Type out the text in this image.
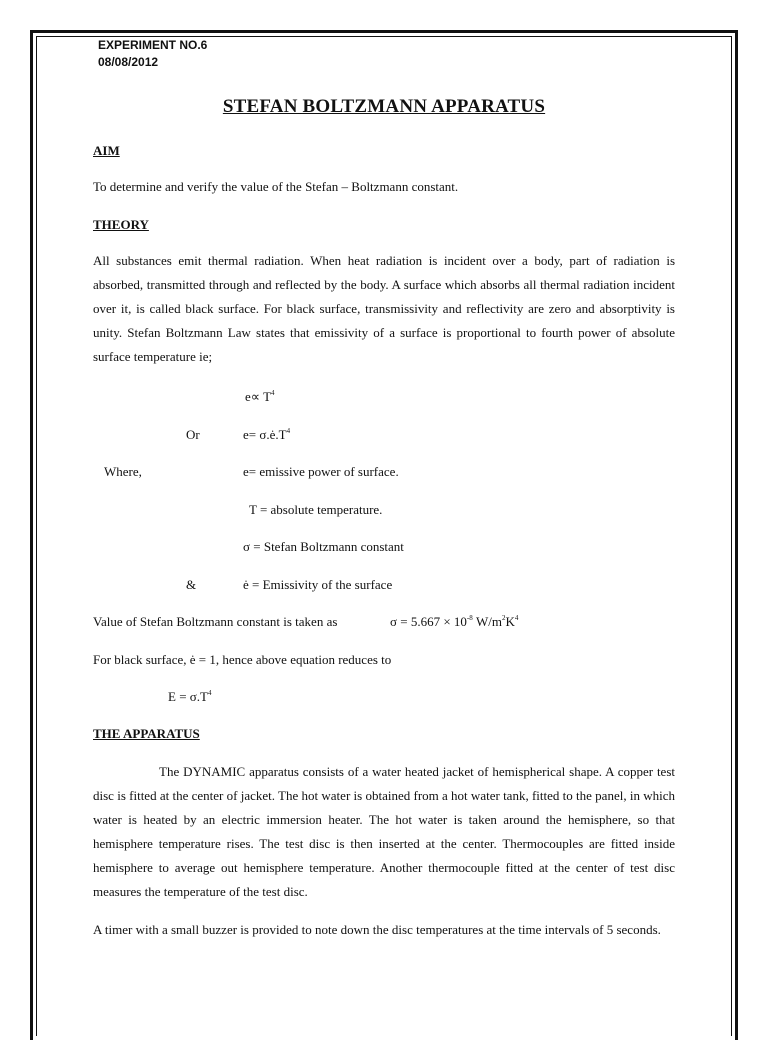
EXPERIMENT NO.6
08/08/2012
STEFAN BOLTZMANN APPARATUS
AIM
To determine and verify the value of the Stefan – Boltzmann constant.
THEORY
All substances emit thermal radiation. When heat radiation is incident over a body, part of radiation is absorbed, transmitted through and reflected by the body. A surface which absorbs all thermal radiation incident over it, is called black surface. For black surface, transmissivity and reflectivity are zero and absorptivity is unity. Stefan Boltzmann Law states that emissivity of a surface is proportional to fourth power of absolute surface temperature ie;
$e\propto T^4$
Or	$e= \sigma.ė.T^4$
Where,	e= emissive power of surface.
T = absolute temperature.
σ = Stefan Boltzmann constant
&	ė = Emissivity of the surface
Value of Stefan Boltzmann constant is taken as	$\sigma = 5.667 \times 10^{-8}$ $W/m^2K^4$
For black surface, ė = 1, hence above equation reduces to
$E = \sigma.T^4$
THE APPARATUS
The DYNAMIC apparatus consists of a water heated jacket of hemispherical shape. A copper test disc is fitted at the center of jacket. The hot water is obtained from a hot water tank, fitted to the panel, in which water is heated by an electric immersion heater. The hot water is taken around the hemisphere, so that hemisphere temperature rises. The test disc is then inserted at the center. Thermocouples are fitted inside hemisphere to average out hemisphere temperature. Another thermocouple fitted at the center of test disc measures the temperature of the test disc.
A timer with a small buzzer is provided to note down the disc temperatures at the time intervals of 5 seconds.
